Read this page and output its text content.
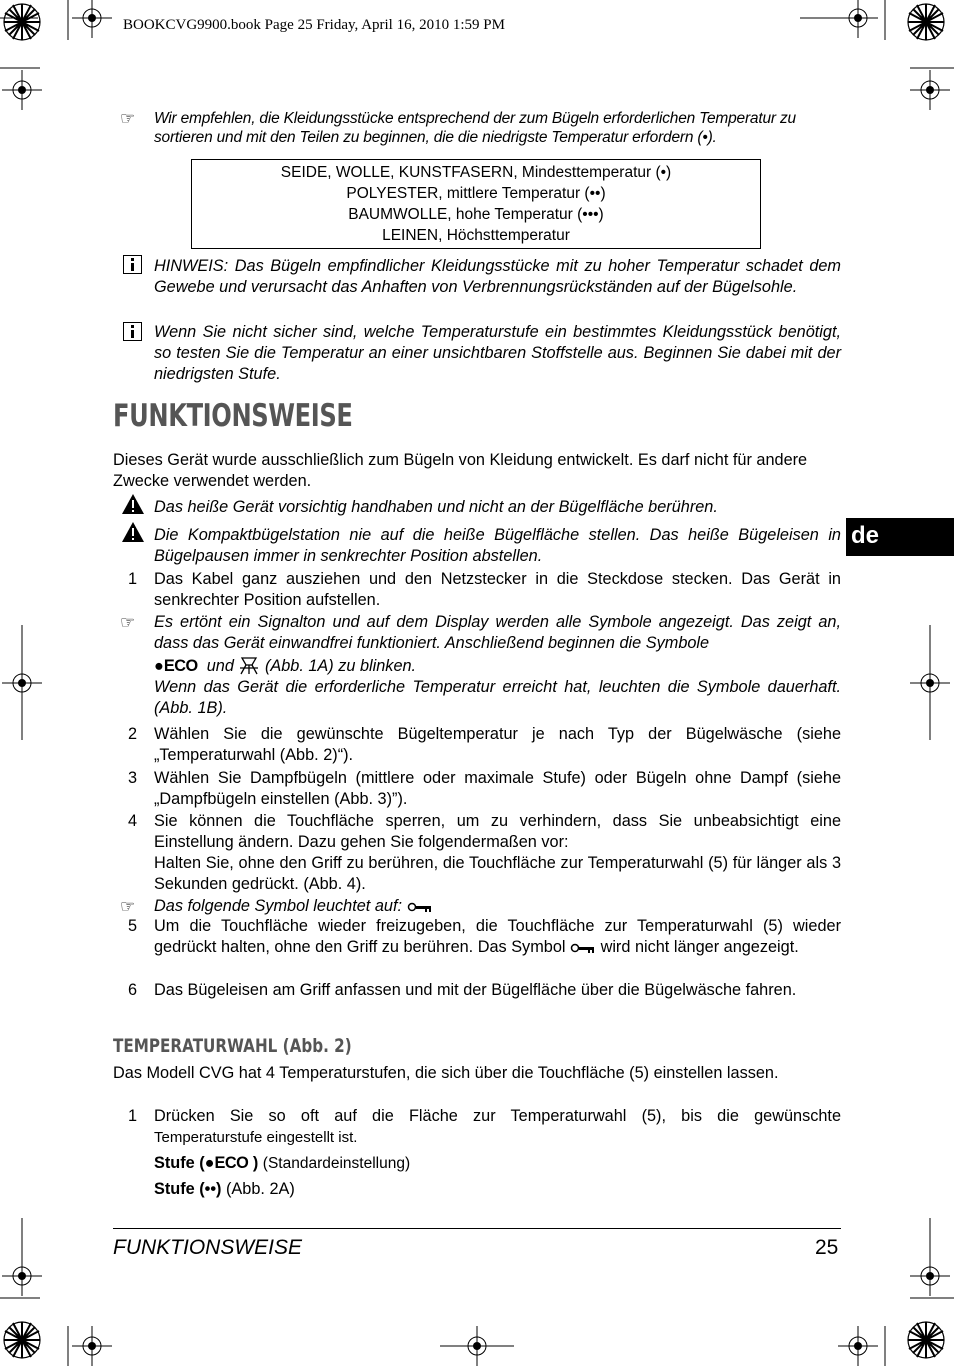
BOOKCVG9900.book Page 25 Friday, April 16, 2010 1:59 PM
de
☞ Wir empfehlen, die Kleidungsstücke entsprechend der zum Bügeln erforderlichen Temperatur zu sortieren und mit den Teilen zu beginnen, die die niedrigste Temperatur erfordern (•).
SEIDE, WOLLE, KUNSTFASERN, Mindesttemperatur (•)
POLYESTER, mittlere Temperatur (••)
BAUMWOLLE, hohe Temperatur (•••)
LEINEN, Höchsttemperatur
HINWEIS: Das Bügeln empfindlicher Kleidungsstücke mit zu hoher Temperatur schadet dem Gewebe und verursacht das Anhaften von Verbrennungsrückständen auf der Bügelsohle.
Wenn Sie nicht sicher sind, welche Temperaturstufe ein bestimmtes Kleidungsstück benötigt, so testen Sie die Temperatur an einer unsichtbaren Stoffstelle aus. Beginnen Sie dabei mit der niedrigsten Stufe.
FUNKTIONSWEISE
Dieses Gerät wurde ausschließlich zum Bügeln von Kleidung entwickelt. Es darf nicht für andere Zwecke verwendet werden.
Das heiße Gerät vorsichtig handhaben und nicht an der Bügelfläche berühren.
Die Kompaktbügelstation nie auf die heiße Bügelfläche stellen. Das heiße Bügeleisen in Bügelpausen immer in senkrechter Position abstellen.
1 Das Kabel ganz ausziehen und den Netzstecker in die Steckdose stecken. Das Gerät in senkrechter Position aufstellen.
☞ Es ertönt ein Signalton und auf dem Display werden alle Symbole angezeigt. Das zeigt an, dass das Gerät einwandfrei funktioniert. Anschließend beginnen die Symbole
●ECO und (Abb. 1A) zu blinken.
Wenn das Gerät die erforderliche Temperatur erreicht hat, leuchten die Symbole dauerhaft. (Abb. 1B).
2 Wählen Sie die gewünschte Bügeltemperatur je nach Typ der Bügelwäsche (siehe „Temperaturwahl (Abb. 2)“).
3 Wählen Sie Dampfbügeln (mittlere oder maximale Stufe) oder Bügeln ohne Dampf (siehe „Dampfbügeln einstellen (Abb. 3)”).
4 Sie können die Touchfläche sperren, um zu verhindern, dass Sie unbeabsichtigt eine Einstellung ändern. Dazu gehen Sie folgendermaßen vor:
Halten Sie, ohne den Griff zu berühren, die Touchfläche zur Temperaturwahl (5) für länger als 3 Sekunden gedrückt. (Abb. 4).
☞ Das folgende Symbol leuchtet auf:
5 Um die Touchfläche wieder freizugeben, die Touchfläche zur Temperaturwahl (5) wieder gedrückt halten, ohne den Griff zu berühren. Das Symbol wird nicht länger angezeigt.
6 Das Bügeleisen am Griff anfassen und mit der Bügelfläche über die Bügelwäsche fahren.
TEMPERATURWAHL (Abb. 2)
Das Modell CVG hat 4 Temperaturstufen, die sich über die Touchfläche (5) einstellen lassen.
1 Drücken Sie so oft auf die Fläche zur Temperaturwahl (5), bis die gewünschte
Temperaturstufe eingestellt ist.
Stufe (●ECO ) (Standardeinstellung)
Stufe (••) (Abb. 2A)
FUNKTIONSWEISE	25
